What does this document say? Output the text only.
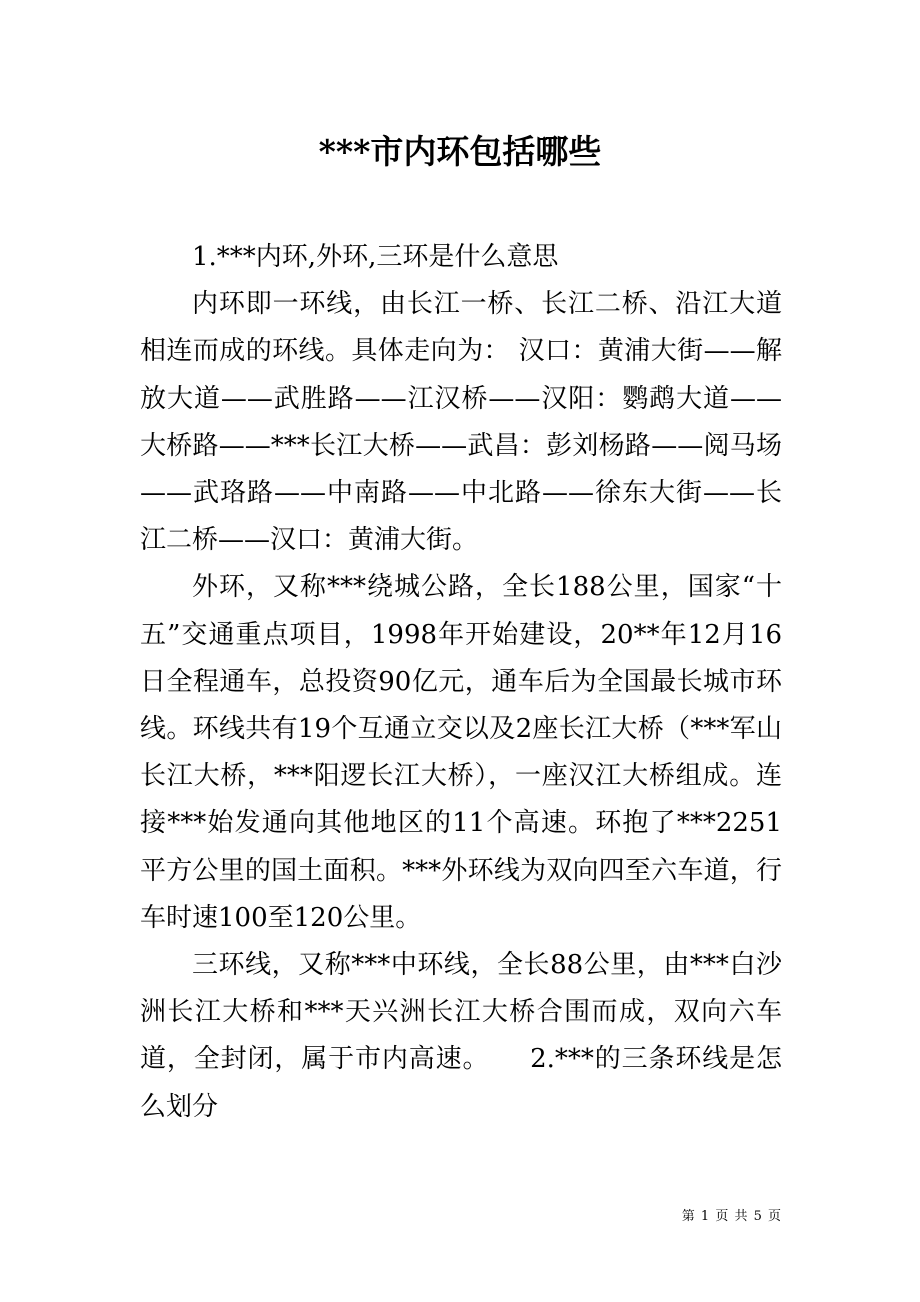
***市内环包括哪些

1.***内环,外环,三环是什么意思

内环即一环线，由长江一桥、长江二桥、沿江大道相连而成的环线。具体走向为： 汉口：黄浦大街——解放大道——武胜路——江汉桥——汉阳：鹦鹉大道——大桥路——***长江大桥——武昌：彭刘杨路——阅马场——武珞路——中南路——中北路——徐东大街——长江二桥——汉口：黄浦大街。

外环，又称***绕城公路，全长188公里，国家“十五”交通重点项目，1998年开始建设，20**年12月16日全程通车，总投资90亿元，通车后为全国最长城市环线。环线共有19个互通立交以及2座长江大桥（***军山长江大桥，***阳逻长江大桥），一座汉江大桥组成。连接***始发通向其他地区的11个高速。环抱了***2251平方公里的国土面积。***外环线为双向四至六车道，行车时速100至120公里。

三环线，又称***中环线，全长88公里，由***白沙洲长江大桥和***天兴洲长江大桥合围而成，双向六车道，全封闭，属于市内高速。　　2.***的三条环线是怎么划分

第 1 页 共 5 页
